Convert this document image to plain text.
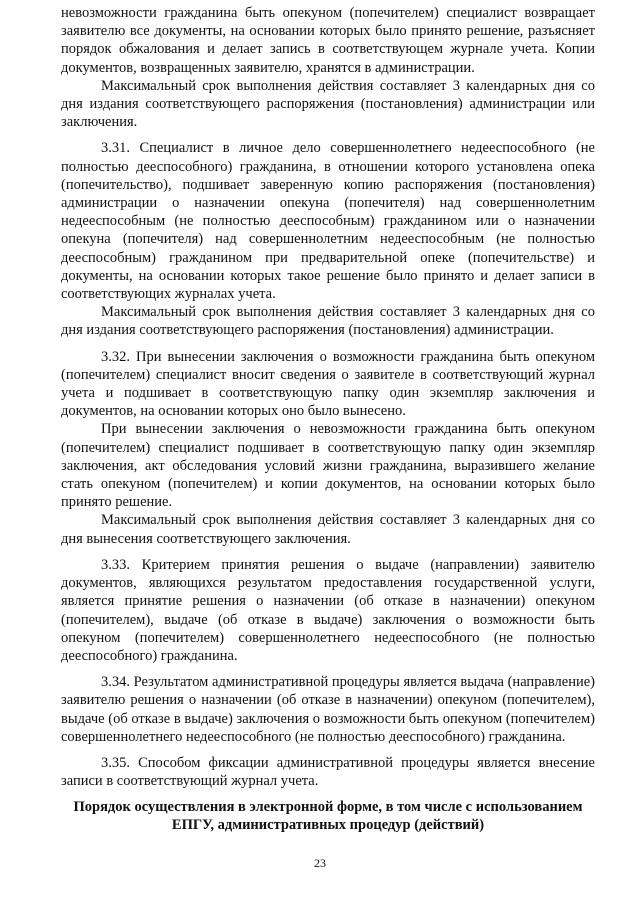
невозможности гражданина быть опекуном (попечителем) специалист возвращает заявителю все документы, на основании которых было принято решение, разъясняет порядок обжалования и делает запись в соответствующем журнале учета. Копии документов, возвращенных заявителю, хранятся в администрации.

Максимальный срок выполнения действия составляет 3 календарных дня со дня издания соответствующего распоряжения (постановления) администрации или заключения.

3.31. Специалист в личное дело совершеннолетнего недееспособного (не полностью дееспособного) гражданина, в отношении которого установлена опека (попечительство), подшивает заверенную копию распоряжения (постановления) администрации о назначении опекуна (попечителя) над совершеннолетним недееспособным (не полностью дееспособным) гражданином или о назначении опекуна (попечителя) над совершеннолетним недееспособным (не полностью дееспособным) гражданином при предварительной опеке (попечительстве) и документы, на основании которых такое решение было принято и делает записи в соответствующих журналах учета.

Максимальный срок выполнения действия составляет 3 календарных дня со дня издания соответствующего распоряжения (постановления) администрации.

3.32. При вынесении заключения о возможности гражданина быть опекуном (попечителем) специалист вносит сведения о заявителе в соответствующий журнал учета и подшивает в соответствующую папку один экземпляр заключения и документов, на основании которых оно было вынесено.

При вынесении заключения о невозможности гражданина быть опекуном (попечителем) специалист подшивает в соответствующую папку один экземпляр заключения, акт обследования условий жизни гражданина, выразившего желание стать опекуном (попечителем) и копии документов, на основании которых было принято решение.

Максимальный срок выполнения действия составляет 3 календарных дня со дня вынесения соответствующего заключения.

3.33. Критерием принятия решения о выдаче (направлении) заявителю документов, являющихся результатом предоставления государственной услуги, является принятие решения о назначении (об отказе в назначении) опекуном (попечителем), выдаче (об отказе в выдаче) заключения о возможности быть опекуном (попечителем) совершеннолетнего недееспособного (не полностью дееспособного) гражданина.

3.34. Результатом административной процедуры является выдача (направление) заявителю решения о назначении (об отказе в назначении) опекуном (попечителем), выдаче (об отказе в выдаче) заключения о возможности быть опекуном (попечителем) совершеннолетнего недееспособного (не полностью дееспособного) гражданина.

3.35. Способом фиксации административной процедуры является внесение записи в соответствующий журнал учета.

Порядок осуществления в электронной форме, в том числе с использованием ЕПГУ, административных процедур (действий)
23
